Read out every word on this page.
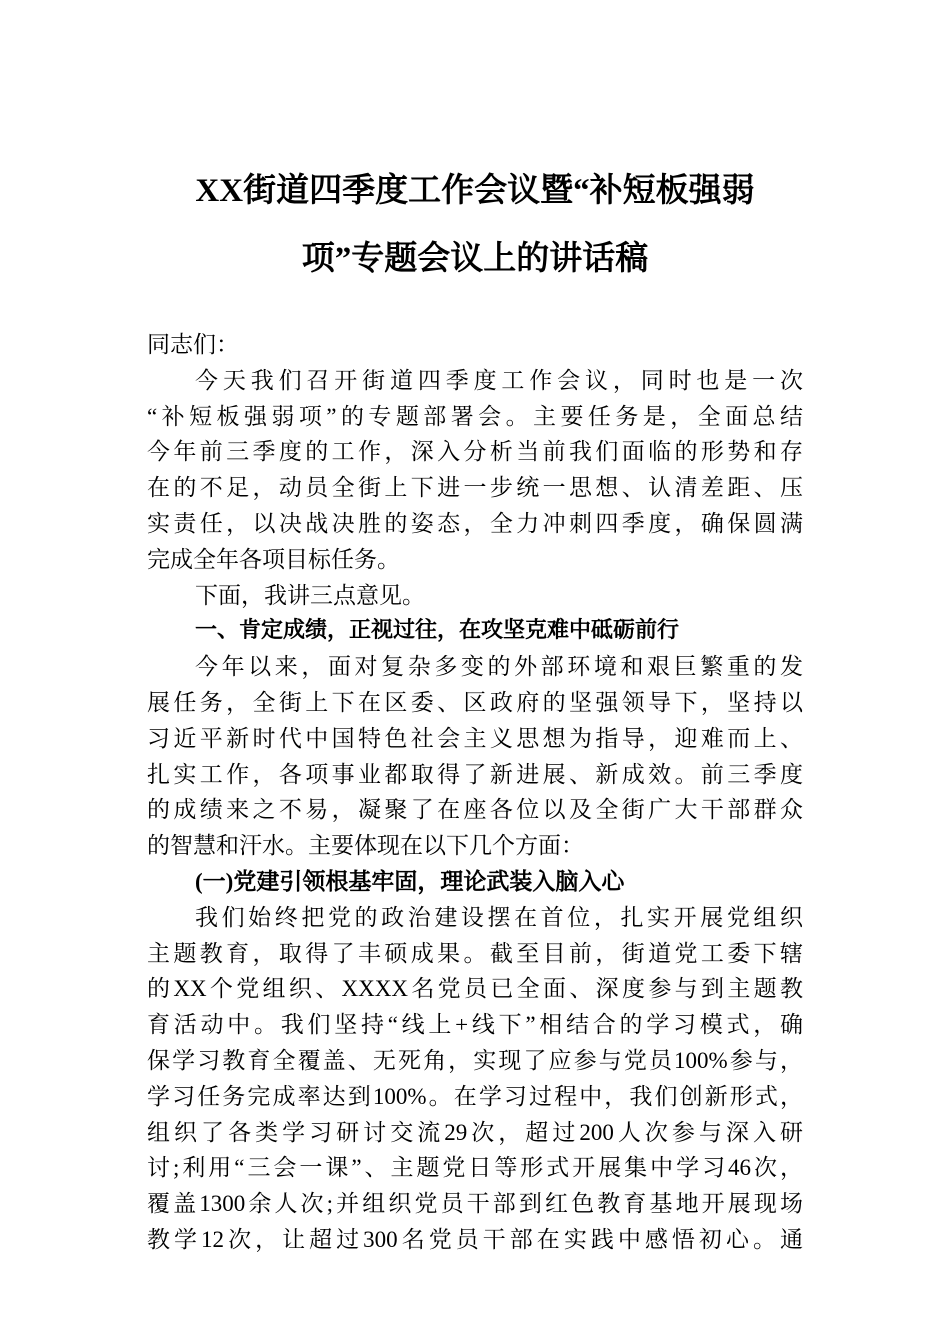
XX街道四季度工作会议暨“补短板强弱
项”专题会议上的讲话稿
同志们：
今天我们召开街道四季度工作会议，同时也是一次
“补短板强弱项”的专题部署会。主要任务是，全面总结
今年前三季度的工作，深入分析当前我们面临的形势和存
在的不足，动员全街上下进一步统一思想、认清差距、压
实责任，以决战决胜的姿态，全力冲刺四季度，确保圆满
完成全年各项目标任务。
下面，我讲三点意见。
一、肯定成绩，正视过往，在攻坚克难中砥砺前行
今年以来，面对复杂多变的外部环境和艰巨繁重的发
展任务，全街上下在区委、区政府的坚强领导下，坚持以
习近平新时代中国特色社会主义思想为指导，迎难而上、
扎实工作，各项事业都取得了新进展、新成效。前三季度
的成绩来之不易，凝聚了在座各位以及全街广大干部群众
的智慧和汗水。主要体现在以下几个方面：
(一)党建引领根基牢固，理论武装入脑入心
我们始终把党的政治建设摆在首位，扎实开展党组织
主题教育，取得了丰硕成果。截至目前，街道党工委下辖
的XX个党组织、XXXX名党员已全面、深度参与到主题教
育活动中。我们坚持“线上+线下”相结合的学习模式，确
保学习教育全覆盖、无死角，实现了应参与党员100%参与，
学习任务完成率达到100%。在学习过程中，我们创新形式，
组织了各类学习研讨交流29次，超过200人次参与深入研
讨;利用“三会一课”、主题党日等形式开展集中学习46次，
覆盖1300余人次;并组织党员干部到红色教育基地开展现场
教学12次，让超过300名党员干部在实践中感悟初心。通
